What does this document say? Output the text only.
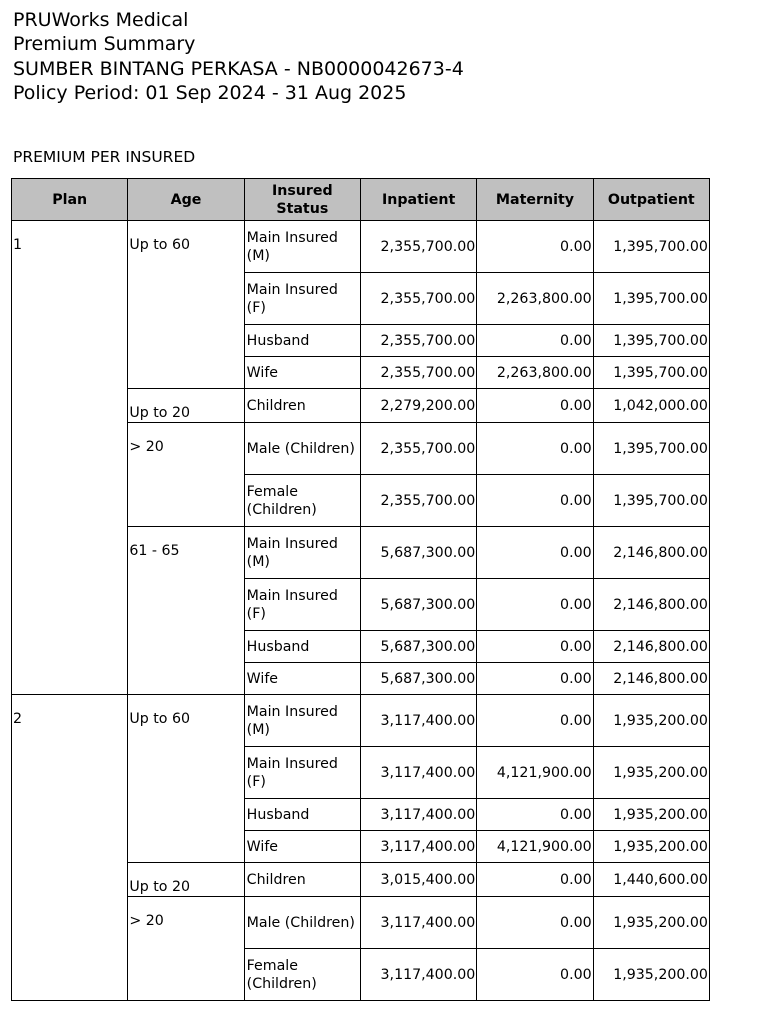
PRUWorks Medical
Premium Summary
SUMBER BINTANG PERKASA - NB0000042673-4
Policy Period: 01 Sep 2024 - 31 Aug 2025
PREMIUM PER INSURED
Plan	Age	Insured Status	Inpatient	Maternity	Outpatient
1	Up to 60	Main Insured (M)	2,355,700.00	0.00	1,395,700.00
		Main Insured (F)	2,355,700.00	2,263,800.00	1,395,700.00
		Husband	2,355,700.00	0.00	1,395,700.00
		Wife	2,355,700.00	2,263,800.00	1,395,700.00
	Up to 20	Children	2,279,200.00	0.00	1,042,000.00
	> 20	Male (Children)	2,355,700.00	0.00	1,395,700.00
		Female (Children)	2,355,700.00	0.00	1,395,700.00
	61 - 65	Main Insured (M)	5,687,300.00	0.00	2,146,800.00
		Main Insured (F)	5,687,300.00	0.00	2,146,800.00
		Husband	5,687,300.00	0.00	2,146,800.00
		Wife	5,687,300.00	0.00	2,146,800.00
2	Up to 60	Main Insured (M)	3,117,400.00	0.00	1,935,200.00
		Main Insured (F)	3,117,400.00	4,121,900.00	1,935,200.00
		Husband	3,117,400.00	0.00	1,935,200.00
		Wife	3,117,400.00	4,121,900.00	1,935,200.00
	Up to 20	Children	3,015,400.00	0.00	1,440,600.00
	> 20	Male (Children)	3,117,400.00	0.00	1,935,200.00
		Female (Children)	3,117,400.00	0.00	1,935,200.00
